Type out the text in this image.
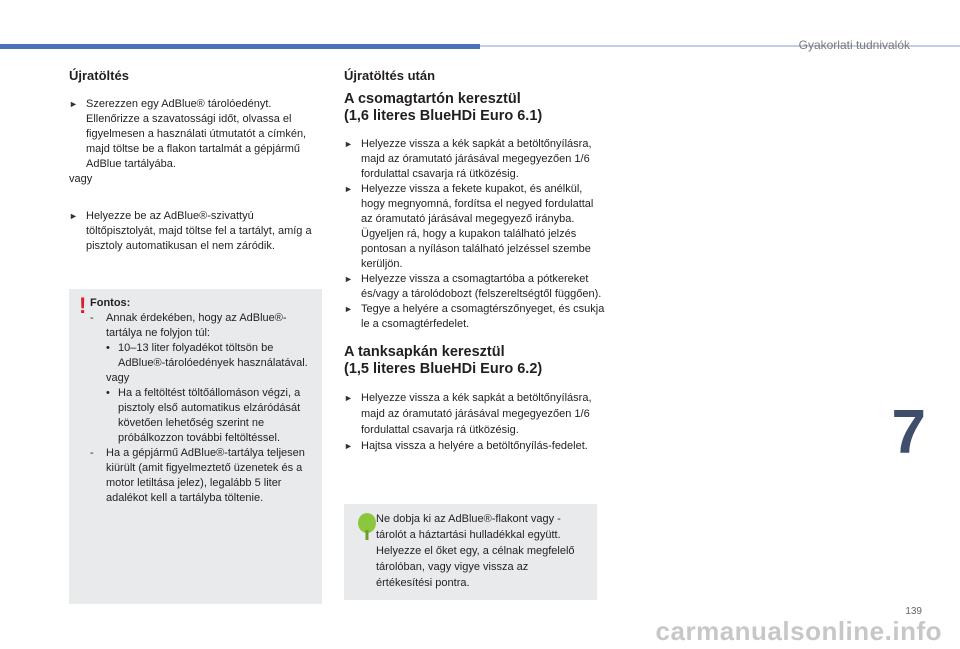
Gyakorlati tudnivalók

Újratöltés

► Szerezzen egy AdBlue® tárolóedényt. Ellenőrizze a szavatossági időt, olvassa el figyelmesen a használati útmutatót a címkén, majd töltse be a flakon tartalmát a gépjármű AdBlue tartályába.
vagy
► Helyezze be az AdBlue®-szivattyú töltőpisztolyát, majd töltse fel a tartályt, amíg a pisztoly automatikusan el nem záródik.
! Fontos:
- Annak érdekében, hogy az AdBlue®-tartálya ne folyjon túl:
• 10–13 liter folyadékot töltsön be AdBlue®-tárolóedények használatával.
vagy
• Ha a feltöltést töltőállomáson végzi, a pisztoly első automatikus elzáródását követően lehetőség szerint ne próbálkozzon további feltöltéssel.
- Ha a gépjármű AdBlue®-tartálya teljesen kiürült (amit figyelmeztető üzenetek és a motor letiltása jelez), legalább 5 liter adalékot kell a tartályba töltenie.

Újratöltés után

A csomagtartón keresztül
(1,6 literes BlueHDi Euro 6.1)

► Helyezze vissza a kék sapkát a betöltőnyílásra, majd az óramutató járásával megegyezően 1/6 fordulattal csavarja rá ütközésig.
► Helyezze vissza a fekete kupakot, és anélkül, hogy megnyomná, fordítsa el negyed fordulattal az óramutató járásával megegyező irányba. Ügyeljen rá, hogy a kupakon található jelzés pontosan a nyíláson található jelzéssel szembe kerüljön.
► Helyezze vissza a csomagtartóba a pótkereket és/vagy a tárolódobozt (felszereltségtől függően).
► Tegye a helyére a csomagtérszőnyeget, és csukja le a csomagtérfedelet.

A tanksapkán keresztül
(1,5 literes BlueHDi Euro 6.2)

► Helyezze vissza a kék sapkát a betöltőnyílásra, majd az óramutató járásával megegyezően 1/6 fordulattal csavarja rá ütközésig.
► Hajtsa vissza a helyére a betöltőnyílás-fedelet.
Ne dobja ki az AdBlue®-flakont vagy -tárolót a háztartási hulladékkal együtt. Helyezze el őket egy, a célnak megfelelő tárolóban, vagy vigye vissza az értékesítési pontra.
7
139
carmanualsonline.info
